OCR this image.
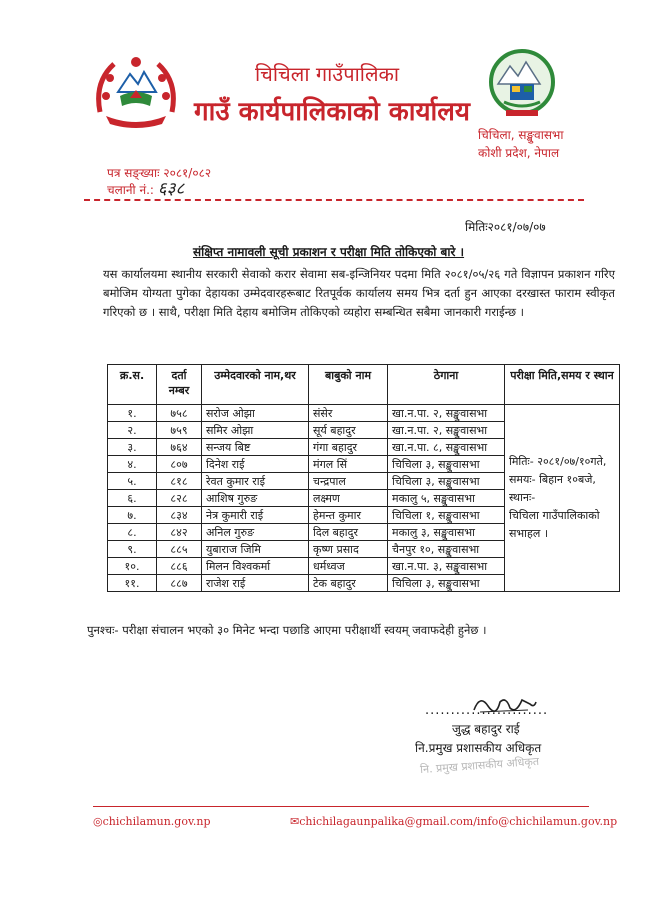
चिचिला गाउँपालिका
गाउँ कार्यपालिकाको कार्यालय
चिचिला, सङ्खुवासभा
कोशी प्रदेश, नेपाल
पत्र सङ्ख्याः २०८१/०८२
चलानी नं.: ६३८
मितिः२०८१/०७/०७
संक्षिप्त नामावली सूची प्रकाशन र परीक्षा मिति तोकिएको बारे ।
यस कार्यालयमा स्थानीय सरकारी सेवाको करार सेवामा सब-इन्जिनियर पदमा मिति २०८१/०५/२६ गते विज्ञापन प्रकाशन गरिए बमोजिम योग्यता पुगेका देहायका उम्मेदवारहरूबाट रितपूर्वक कार्यालय समय भित्र दर्ता हुन आएका दरखास्त फाराम स्वीकृत गरिएको छ । साथै, परीक्षा मिति देहाय बमोजिम तोकिएको व्यहोरा सम्बन्धित सबैमा जानकारी गराईन्छ ।
क्र.स.	दर्ता नम्बर	उम्मेदवारको नाम,थर	बाबुको नाम	ठेगाना	परीक्षा मिति,समय र स्थान
१.	७५८	सरोज ओझा	संसेर	खा.न.पा. २, सङ्खुवासभा	मितिः- २०८१/०७/१०गते,
समयः- बिहान १०बजे,
स्थानः-
चिचिला गाउँपालिकाको
सभाहल ।

२.	७५९	समिर ओझा	सूर्य बहादुर	खा.न.पा. २, सङ्खुवासभा	
३.	७६४	सन्जय बिष्ट	गंगा बहादुर	खा.न.पा. ८, सङ्खुवासभा	
४.	८०७	दिनेश राई	मंगल सिं	चिचिला ३, सङ्खुवासभा	
५.	८१८	रेवत कुमार राई	चन्द्रपाल	चिचिला ३, सङ्खुवासभा	
६.	८२८	आशिष गुरुङ	लक्ष्मण	मकालु ५, सङ्खुवासभा	
७.	८३४	नेत्र कुमारी राई	हेमन्त कुमार	चिचिला १, सङ्खुवासभा	
८.	८४२	अनिल गुरुङ	दिल बहादुर	मकालु ३, सङ्खुवासभा	
९.	८८५	युबाराज जिमि	कृष्ण प्रसाद	चैनपुर १०, सङ्खुवासभा	
१०.	८८६	मिलन विश्वकर्मा	धर्मध्वज	खा.न.पा. ३, सङ्खुवासभा	
११.	८८७	राजेश राई	टेक बहादुर	चिचिला ३, सङ्खुवासभा	
पुनश्चः- परीक्षा संचालन भएको ३० मिनेट भन्दा पछाडि आएमा परीक्षार्थी स्वयम् जवाफदेही हुनेछ ।
........................
जुद्ध बहादुर राई
नि.प्रमुख प्रशासकीय अधिकृत
नि. प्रमुख प्रशासकीय अधिकृत
◎chichilamun.gov.np	✉chichilagaunpalika@gmail.com/info@chichilamun.gov.np
